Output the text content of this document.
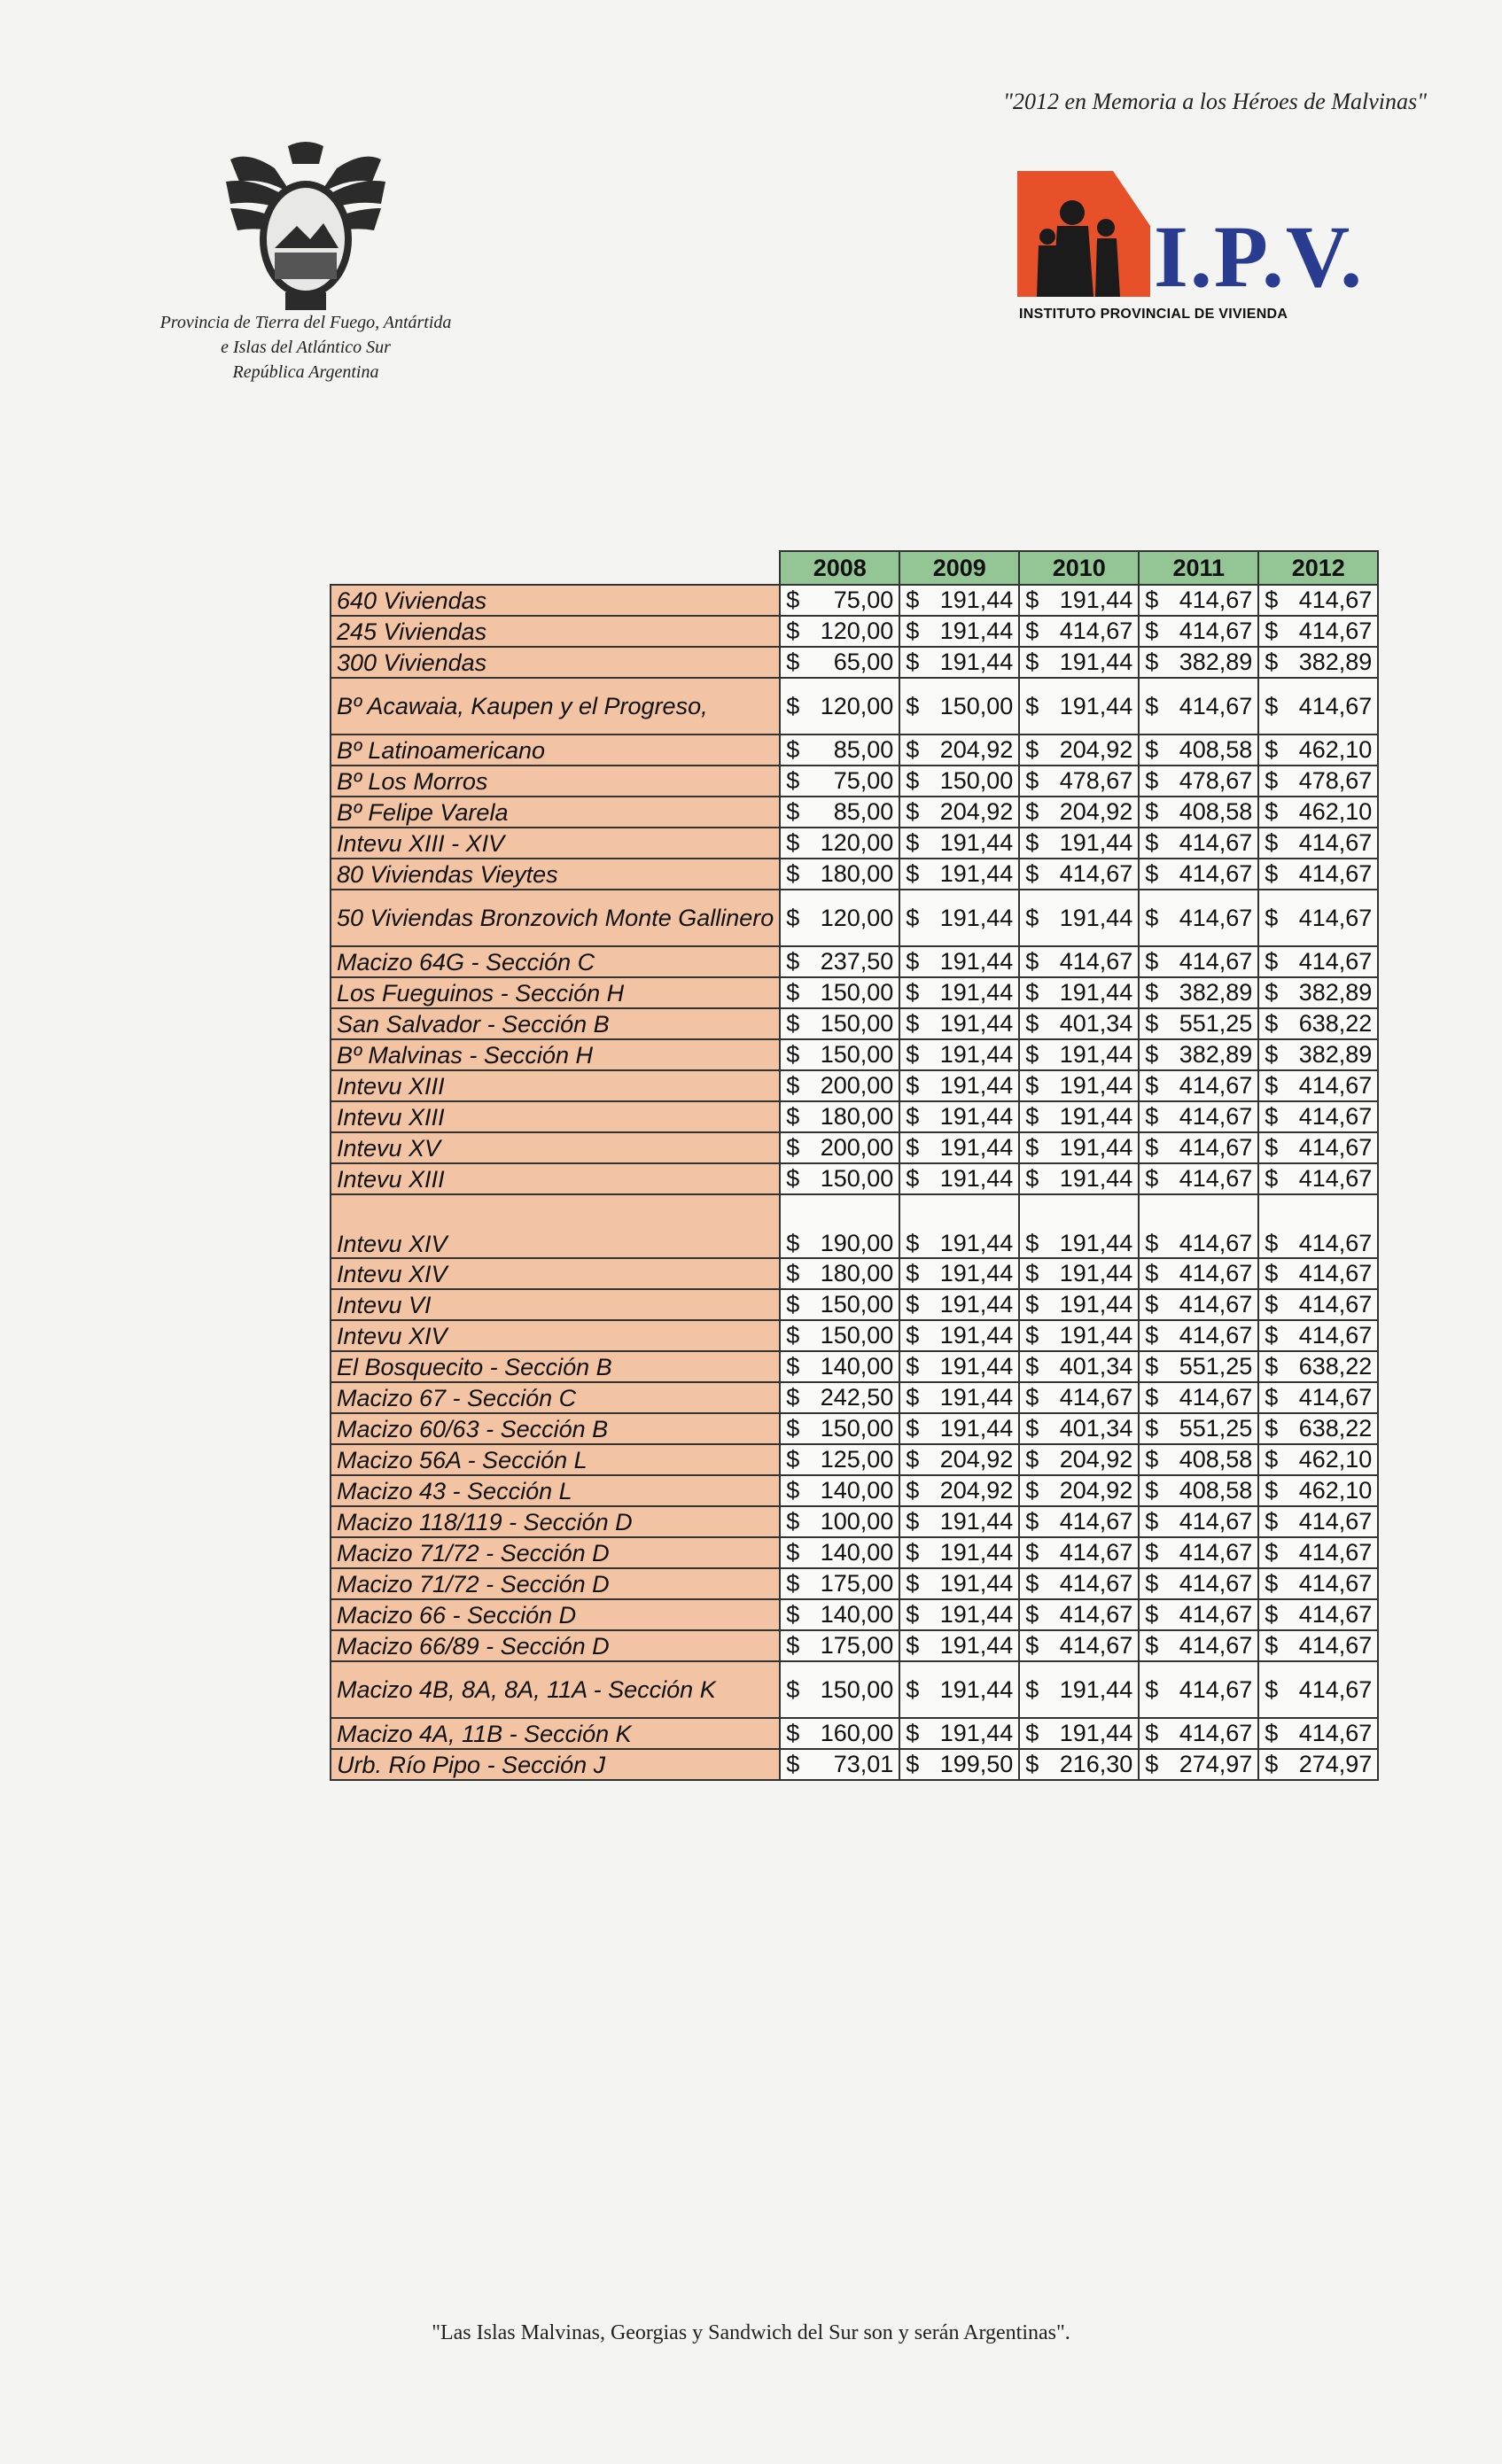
"2012 en Memoria a los Héroes de Malvinas"
Provincia de Tierra del Fuego, Antártida
e Islas del Atlántico Sur
República Argentina
I.P.V.
INSTITUTO PROVINCIAL DE VIVIENDA
	2008	2009	2010	2011	2012
640 Viviendas	$ 75,00	$ 191,44	$ 191,44	$ 414,67	$ 414,67

245 Viviendas	$ 120,00	$ 191,44	$ 414,67	$ 414,67	$ 414,67

300 Viviendas	$ 65,00	$ 191,44	$ 191,44	$ 382,89	$ 382,89

Bº Acawaia, Kaupen y el Progreso,	$ 120,00	$ 150,00	$ 191,44	$ 414,67	$ 414,67

Bº Latinoamericano	$ 85,00	$ 204,92	$ 204,92	$ 408,58	$ 462,10

Bº Los Morros	$ 75,00	$ 150,00	$ 478,67	$ 478,67	$ 478,67

Bº Felipe Varela	$ 85,00	$ 204,92	$ 204,92	$ 408,58	$ 462,10

Intevu XIII - XIV	$ 120,00	$ 191,44	$ 191,44	$ 414,67	$ 414,67

80 Viviendas Vieytes	$ 180,00	$ 191,44	$ 414,67	$ 414,67	$ 414,67

50 Viviendas Bronzovich Monte Gallinero	$ 120,00	$ 191,44	$ 191,44	$ 414,67	$ 414,67

Macizo 64G - Sección C	$ 237,50	$ 191,44	$ 414,67	$ 414,67	$ 414,67

Los Fueguinos - Sección H	$ 150,00	$ 191,44	$ 191,44	$ 382,89	$ 382,89

San Salvador - Sección B	$ 150,00	$ 191,44	$ 401,34	$ 551,25	$ 638,22

Bº Malvinas - Sección H	$ 150,00	$ 191,44	$ 191,44	$ 382,89	$ 382,89

Intevu XIII	$ 200,00	$ 191,44	$ 191,44	$ 414,67	$ 414,67

Intevu XIII	$ 180,00	$ 191,44	$ 191,44	$ 414,67	$ 414,67

Intevu XV	$ 200,00	$ 191,44	$ 191,44	$ 414,67	$ 414,67

Intevu XIII	$ 150,00	$ 191,44	$ 191,44	$ 414,67	$ 414,67

Intevu XIV	$ 190,00	$ 191,44	$ 191,44	$ 414,67	$ 414,67

Intevu XIV	$ 180,00	$ 191,44	$ 191,44	$ 414,67	$ 414,67

Intevu VI	$ 150,00	$ 191,44	$ 191,44	$ 414,67	$ 414,67

Intevu XIV	$ 150,00	$ 191,44	$ 191,44	$ 414,67	$ 414,67

El Bosquecito - Sección B	$ 140,00	$ 191,44	$ 401,34	$ 551,25	$ 638,22

Macizo 67 - Sección C	$ 242,50	$ 191,44	$ 414,67	$ 414,67	$ 414,67

Macizo 60/63 - Sección B	$ 150,00	$ 191,44	$ 401,34	$ 551,25	$ 638,22

Macizo 56A - Sección L	$ 125,00	$ 204,92	$ 204,92	$ 408,58	$ 462,10

Macizo 43 - Sección L	$ 140,00	$ 204,92	$ 204,92	$ 408,58	$ 462,10

Macizo 118/119 - Sección D	$ 100,00	$ 191,44	$ 414,67	$ 414,67	$ 414,67

Macizo 71/72 - Sección D	$ 140,00	$ 191,44	$ 414,67	$ 414,67	$ 414,67

Macizo 71/72 - Sección D	$ 175,00	$ 191,44	$ 414,67	$ 414,67	$ 414,67

Macizo 66 - Sección D	$ 140,00	$ 191,44	$ 414,67	$ 414,67	$ 414,67

Macizo 66/89 - Sección D	$ 175,00	$ 191,44	$ 414,67	$ 414,67	$ 414,67

Macizo 4B, 8A, 8A, 11A - Sección K	$ 150,00	$ 191,44	$ 191,44	$ 414,67	$ 414,67

Macizo 4A, 11B - Sección K	$ 160,00	$ 191,44	$ 191,44	$ 414,67	$ 414,67

Urb. Río Pipo - Sección J	$ 73,01	$ 199,50	$ 216,30	$ 274,97	$ 274,97
"Las Islas Malvinas, Georgias y Sandwich del Sur son y serán Argentinas".
